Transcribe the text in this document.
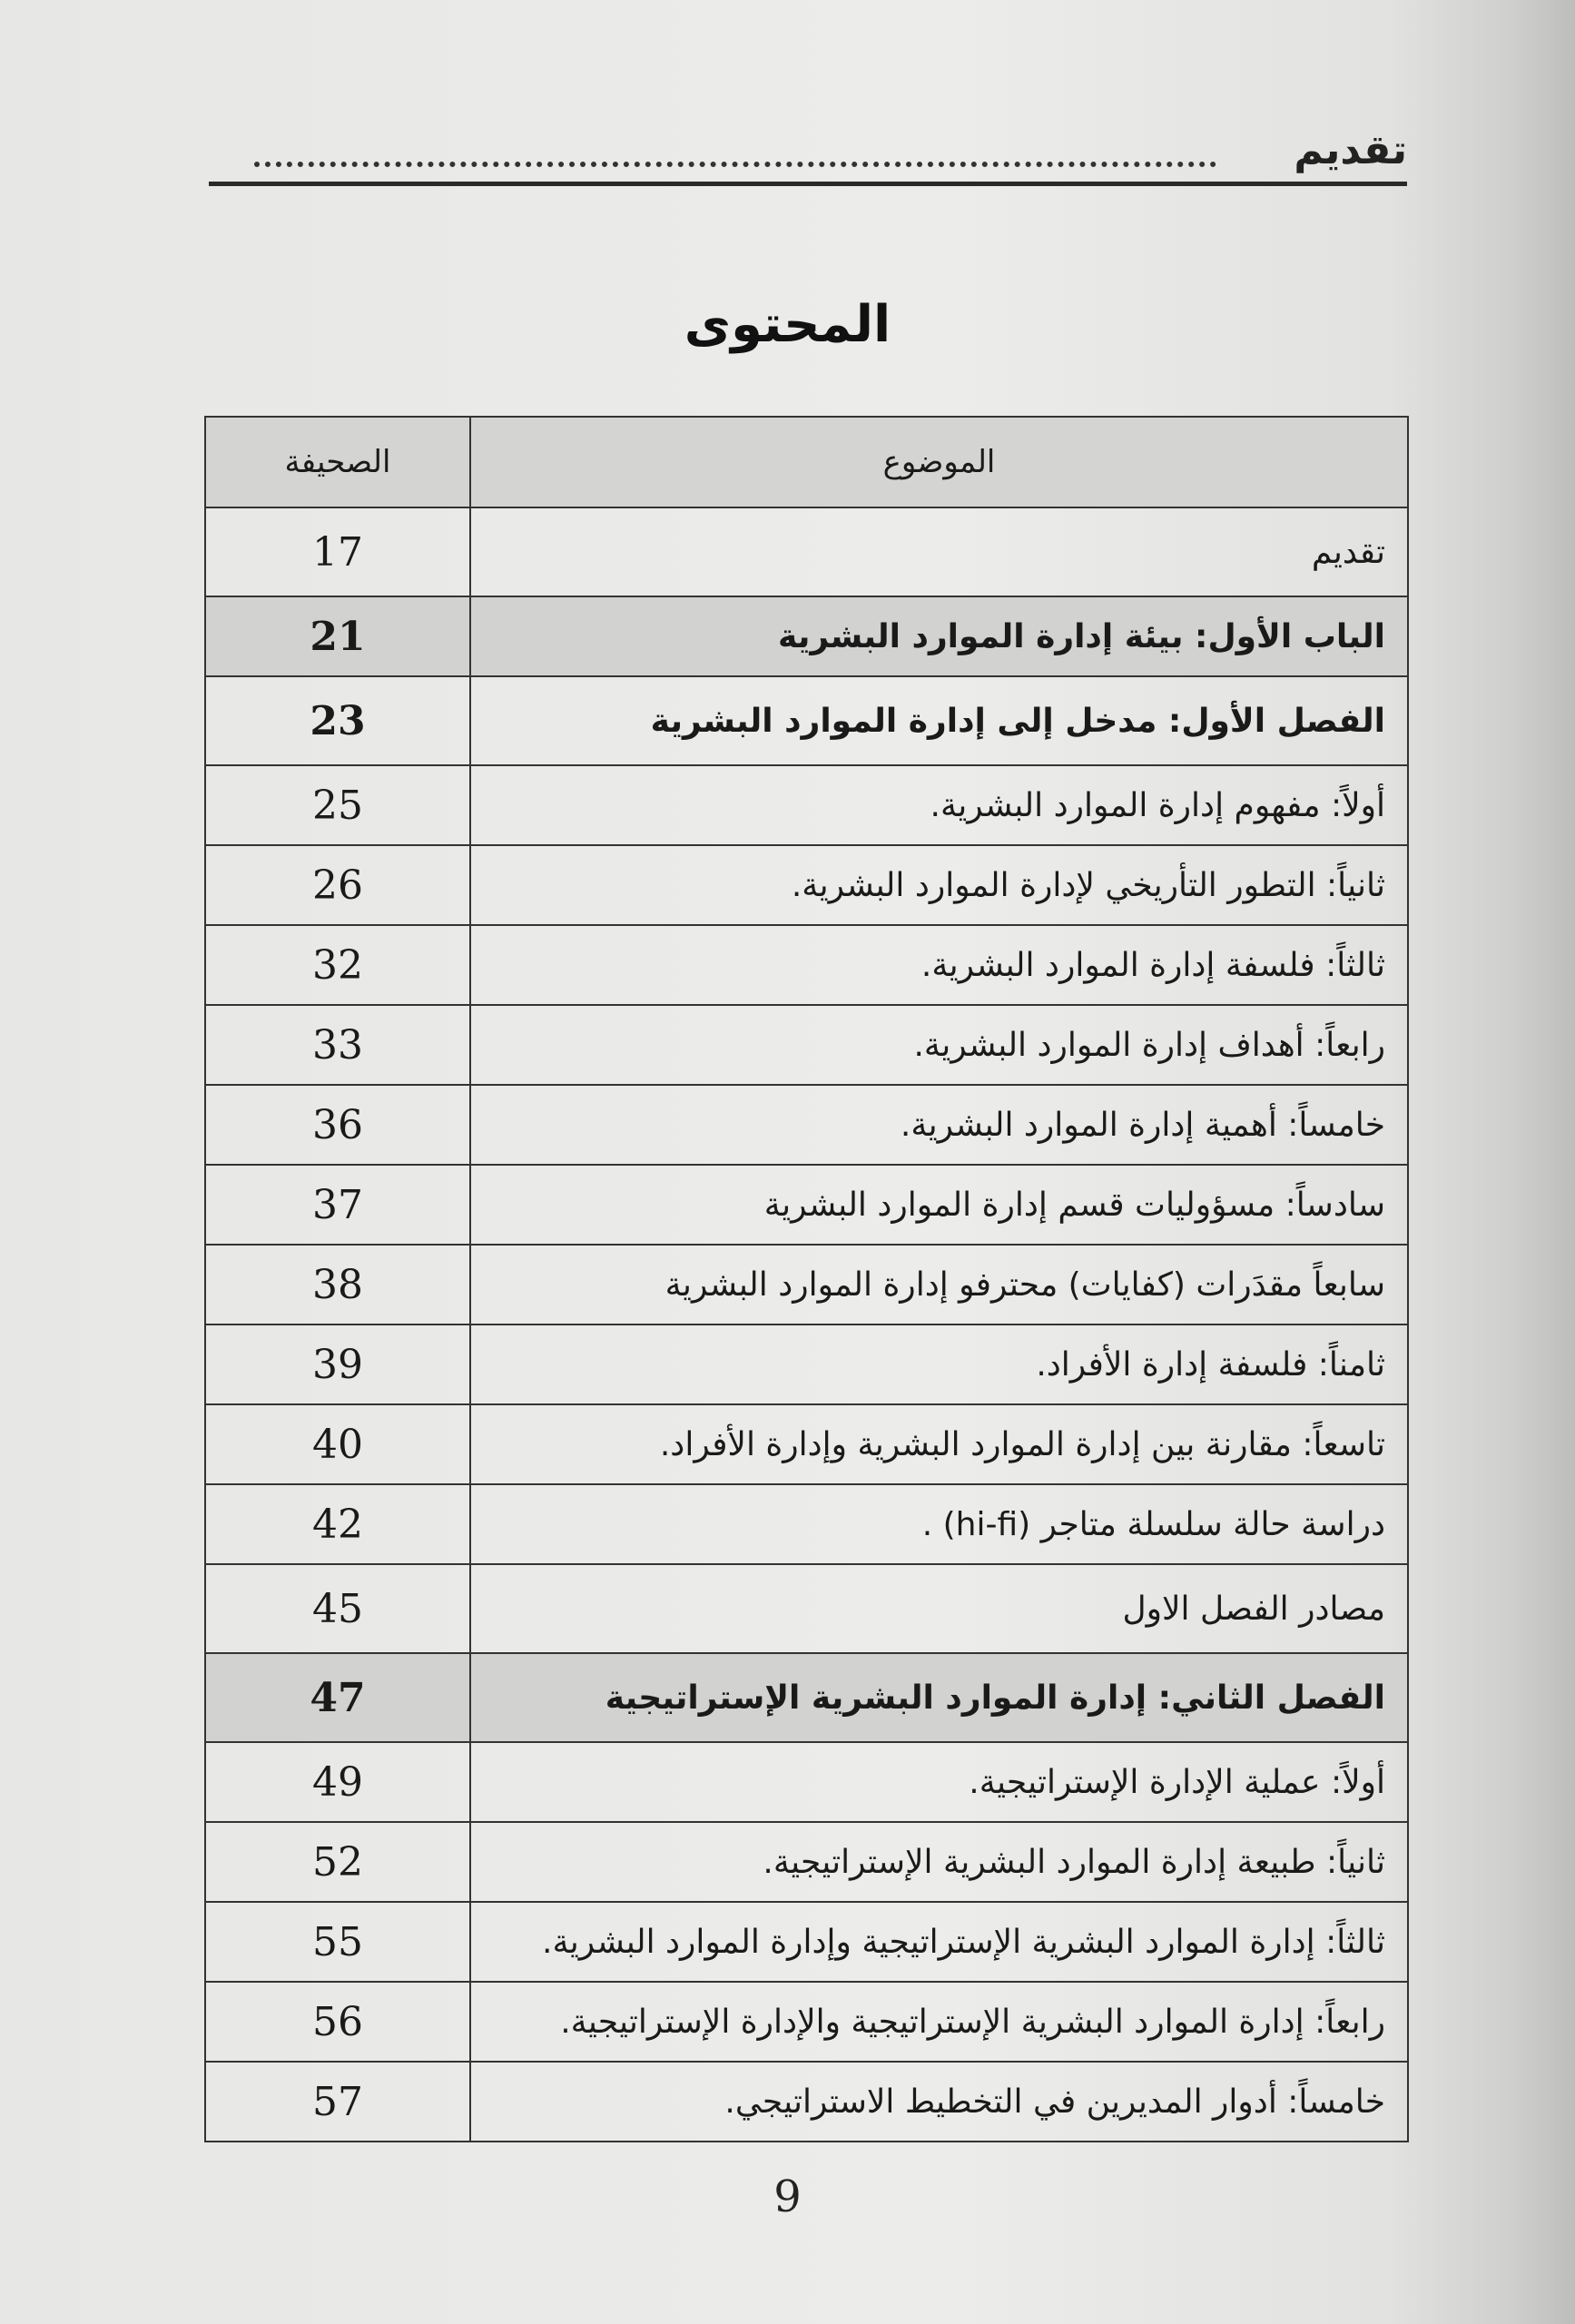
تقديم
المحتوى
الموضوع	الصحيفة
تقديم	17
الباب الأول: بيئة إدارة الموارد البشرية	21
الفصل الأول: مدخل إلى إدارة الموارد البشرية	23
أولاً: مفهوم إدارة الموارد البشرية.	25
ثانياً: التطور التأريخي لإدارة الموارد البشرية.	26
ثالثاً: فلسفة إدارة الموارد البشرية.	32
رابعاً: أهداف إدارة الموارد البشرية.	33
خامساً: أهمية إدارة الموارد البشرية.	36
سادساً: مسؤوليات قسم إدارة الموارد البشرية	37
سابعاً مقدَرات (كفايات) محترفو إدارة الموارد البشرية	38
ثامناً: فلسفة إدارة الأفراد.	39
تاسعاً: مقارنة بين إدارة الموارد البشرية وإدارة الأفراد.	40
دراسة حالة سلسلة متاجر (hi-fi) .	42
مصادر الفصل الاول	45
الفصل الثاني: إدارة الموارد البشرية الإستراتيجية	47
أولاً: عملية الإدارة الإستراتيجية.	49
ثانياً: طبيعة إدارة الموارد البشرية الإستراتيجية.	52
ثالثاً: إدارة الموارد البشرية الإستراتيجية وإدارة الموارد البشرية.	55
رابعاً: إدارة الموارد البشرية الإستراتيجية والإدارة الإستراتيجية.	56
خامساً: أدوار المديرين في التخطيط الاستراتيجي.	57
9
